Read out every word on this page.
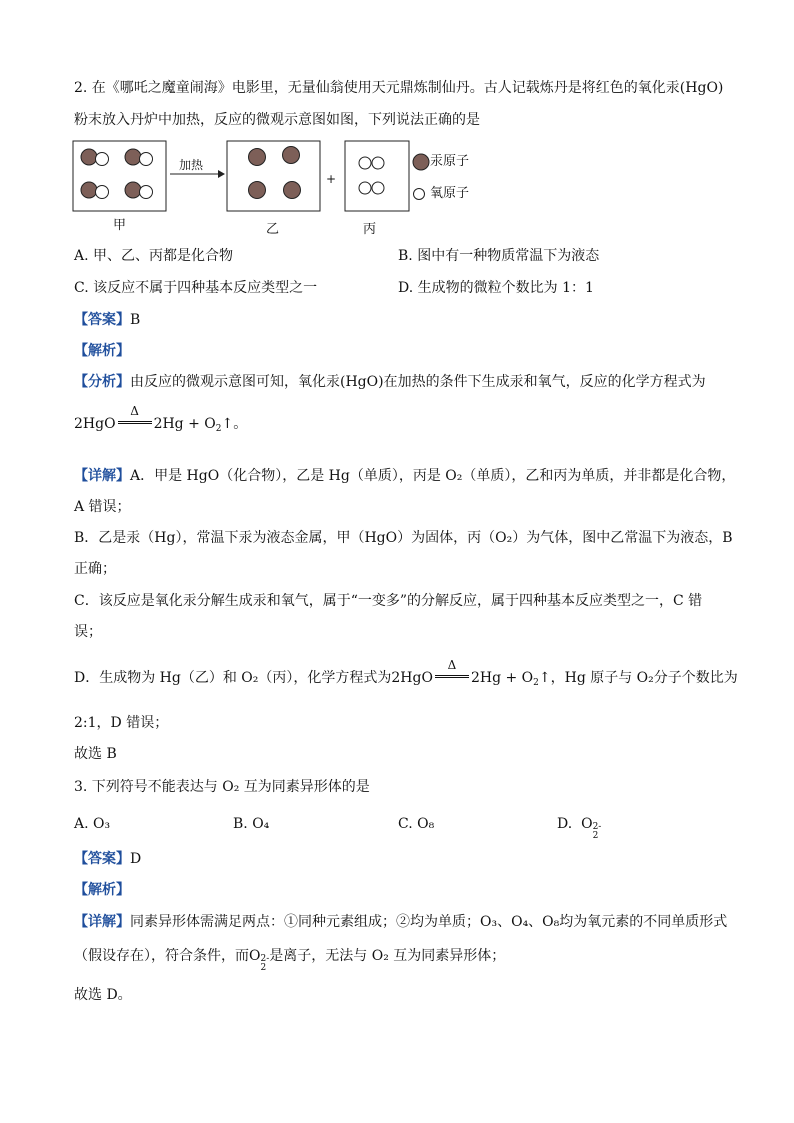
2. 在《哪吒之魔童闹海》电影里，无量仙翁使用天元鼎炼制仙丹。古人记载炼丹是将红色的氧化汞(HgO)
粉末放入丹炉中加热，反应的微观示意图如图，下列说法正确的是
加热
+
汞原子
氧原子
甲	乙	丙
A. 甲、乙、丙都是化合物	B. 图中有一种物质常温下为液态
C. 该反应不属于四种基本反应类型之一	D. 生成物的微粒个数比为 1：1
【答案】B
【解析】
【分析】由反应的微观示意图可知，氧化汞(HgO)在加热的条件下生成汞和氧气，反应的化学方程式为
2HgO
Δ
$2Hg + O_2↑$。
【详解】A．甲是 HgO（化合物），乙是 Hg（单质），丙是 O₂（单质），乙和丙为单质，并非都是化合物，
A 错误；
B．乙是汞（Hg），常温下汞为液态金属，甲（HgO）为固体，丙（O₂）为气体，图中乙常温下为液态，B
正确；
C．该反应是氧化汞分解生成汞和氧气，属于“一变多”的分解反应，属于四种基本反应类型之一，C 错
误；
D．生成物为 Hg（乙）和 O₂（丙），化学方程式为2HgO
Δ
$2Hg + O_2↑$，Hg 原子与 O₂分子个数比为
2:1，D 错误；
故选 B
3. 下列符号不能表达与 O₂ 互为同素异形体的是
A. O₃	B. O₄	C. O₈	D. O 2-
2
【答案】D
【解析】
【详解】同素异形体需满足两点：①同种元素组成；②均为单质；O₃、O₄、O₈均为氧元素的不同单质形式
（假设存在），符合条件，而O 2-
2
是离子，无法与 O₂ 互为同素异形体；
故选 D。
